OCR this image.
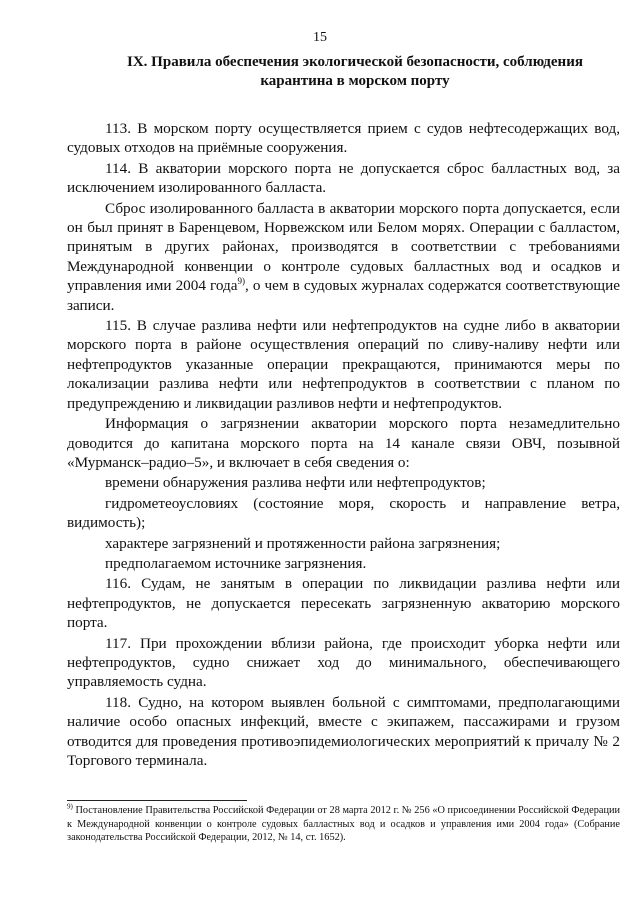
15
IX. Правила обеспечения экологической безопасности, соблюдения карантина в морском порту

113. В морском порту осуществляется прием с судов нефтесодержащих вод, судовых отходов на приёмные сооружения.

114. В акватории морского порта не допускается сброс балластных вод, за исключением изолированного балласта.

Сброс изолированного балласта в акватории морского порта допускается, если он был принят в Баренцевом, Норвежском или Белом морях. Операции с балластом, принятым в других районах, производятся в соответствии с требованиями Международной конвенции о контроле судовых балластных вод и осадков и управления ими 2004 года$^{9)}$, о чем в судовых журналах содержатся соответствующие записи.

115. В случае разлива нефти или нефтепродуктов на судне либо в акватории морского порта в районе осуществления операций по сливу-наливу нефти или нефтепродуктов указанные операции прекращаются, принимаются меры по локализации разлива нефти или нефтепродуктов в соответствии с планом по предупреждению и ликвидации разливов нефти и нефтепродуктов.

Информация о загрязнении акватории морского порта незамедлительно доводится до капитана морского порта на 14 канале связи ОВЧ, позывной «Мурманск–радио–5», и включает в себя сведения о:

времени обнаружения разлива нефти или нефтепродуктов;

гидрометеоусловиях (состояние моря, скорость и направление ветра, видимость);

характере загрязнений и протяженности района загрязнения;

предполагаемом источнике загрязнения.

116. Судам, не занятым в операции по ликвидации разлива нефти или нефтепродуктов, не допускается пересекать загрязненную акваторию морского порта.

117. При прохождении вблизи района, где происходит уборка нефти или нефтепродуктов, судно снижает ход до минимального, обеспечивающего управляемость судна.

118. Судно, на котором выявлен больной с симптомами, предполагающими наличие особо опасных инфекций, вместе с экипажем, пассажирами и грузом отводится для проведения противоэпидемиологических мероприятий к причалу № 2 Торгового терминала.

$^{9)}$ Постановление Правительства Российской Федерации от 28 марта 2012 г. № 256 «О присоединении Российской Федерации к Международной конвенции о контроле судовых балластных вод и осадков и управления ими 2004 года» (Собрание законодательства Российской Федерации, 2012, № 14, ст. 1652).
